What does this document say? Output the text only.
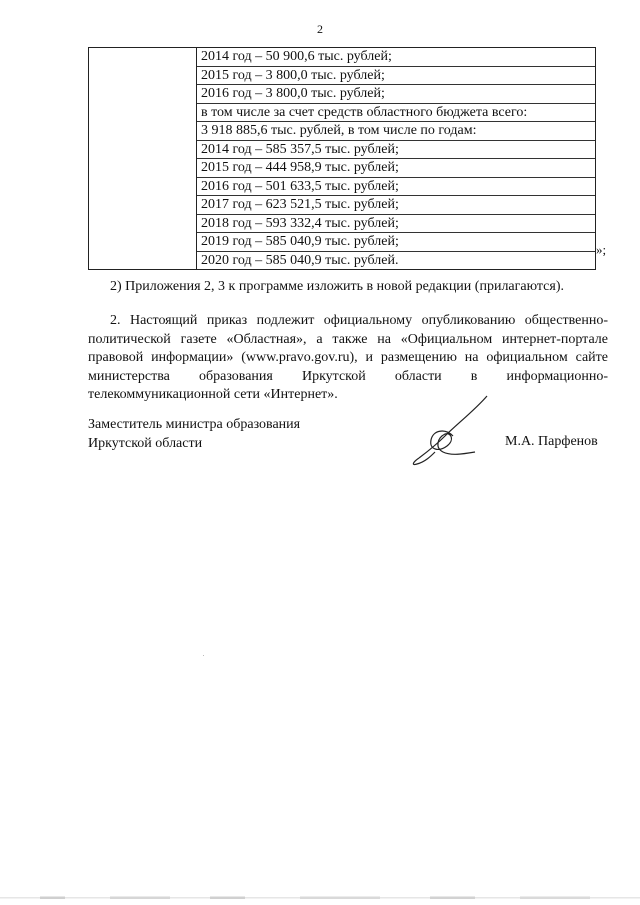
2

2014 год – 50 900,6 тыс. рублей;
2015 год – 3 800,0 тыс. рублей;
2016 год – 3 800,0 тыс. рублей;
в том числе за счет средств областного бюджета всего:
3 918 885,6 тыс. рублей, в том числе по годам:
2014 год – 585 357,5 тыс. рублей;
2015 год – 444 958,9 тыс. рублей;
2016 год – 501 633,5 тыс. рублей;
2017 год – 623 521,5 тыс. рублей;
2018 год – 593 332,4 тыс. рублей;
2019 год – 585 040,9 тыс. рублей;
2020 год – 585 040,9 тыс. рублей.
»;

2) Приложения 2, 3 к программе изложить в новой редакции (прилагаются).

2. Настоящий приказ подлежит официальному опубликованию общественно-политической газете «Областная», а также на «Официальном интернет-портале правовой информации» (www.pravo.gov.ru), и размещению на официальном сайте министерства образования Иркутской области в информационно-телекоммуникационной сети «Интернет».

Заместитель министра образования
Иркутской области	М.А. Парфенов
